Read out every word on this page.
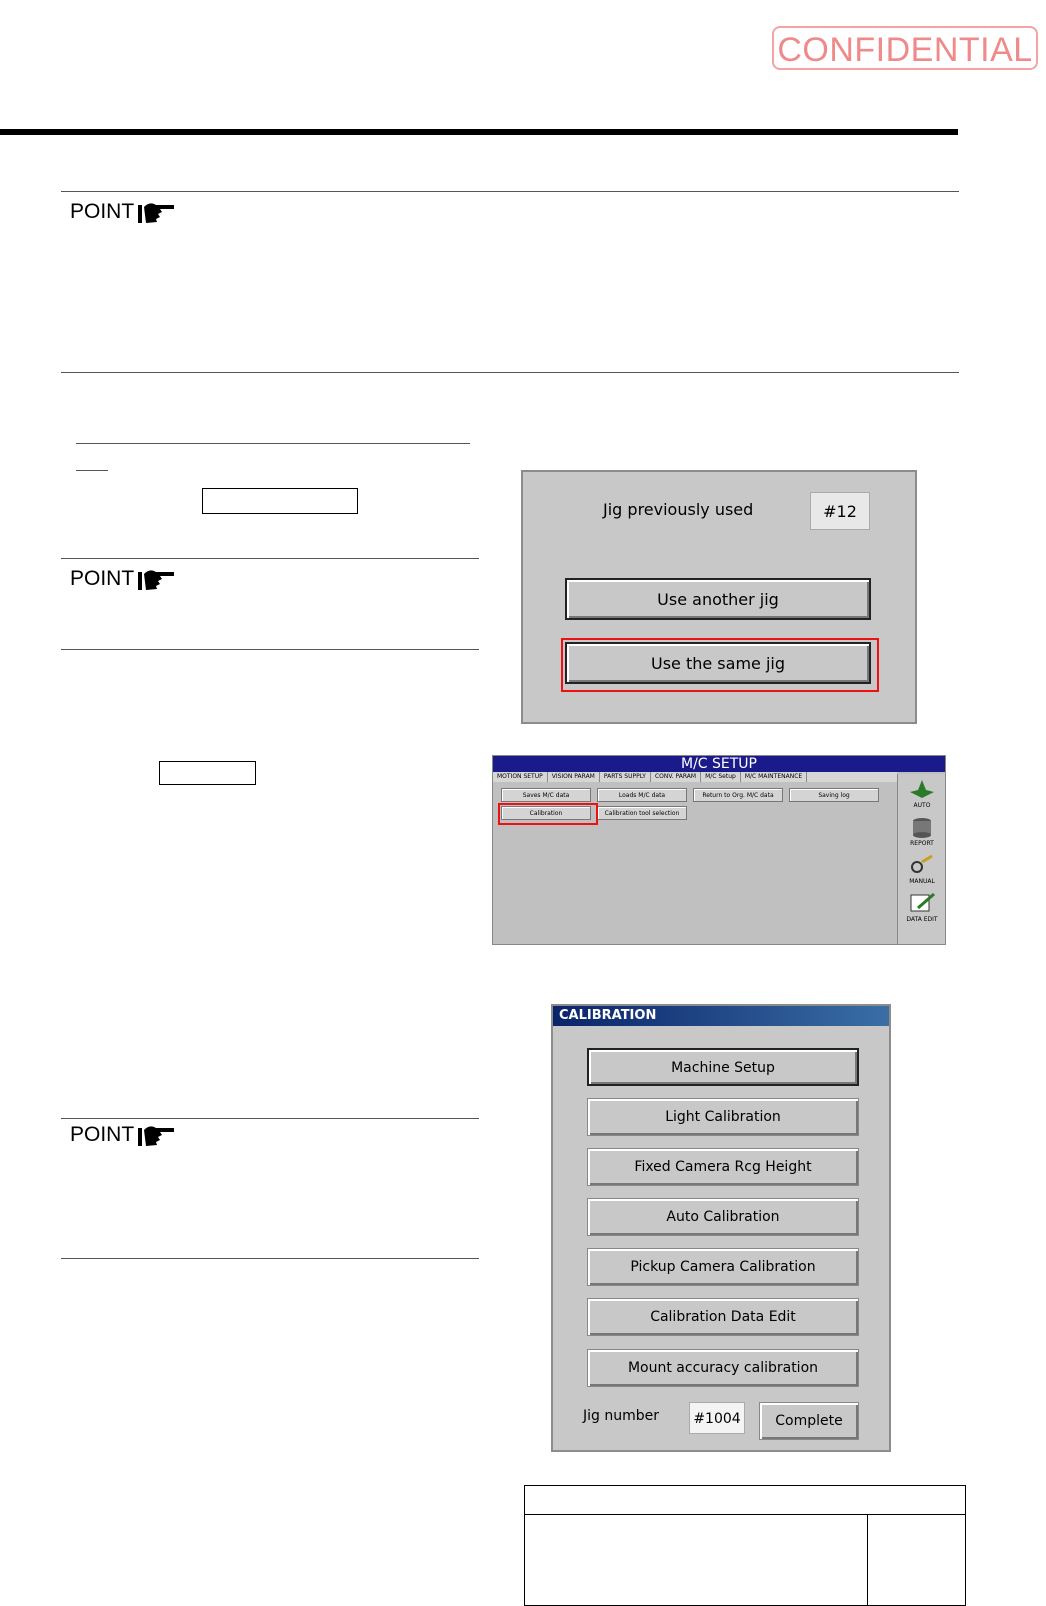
CONFIDENTIAL
POINT
POINT
Jig previously used	#12
Use another jig
Use the same jig
M/C SETUP
MOTION SETUP	VISION PARAM	PARTS SUPPLY	CONV. PARAM	M/C Setup	M/C MAINTENANCE
Saves M/C data	Loads M/C data	Return to Org. M/C data	Saving log
Calibration	Calibration tool selection
AUTO
REPORT
MANUAL
DATA EDIT
POINT
CALIBRATION
Machine Setup
Light Calibration
Fixed Camera Rcg Height
Auto Calibration
Pickup Camera Calibration
Calibration Data Edit
Mount accuracy calibration
Jig number	#1004	Complete
